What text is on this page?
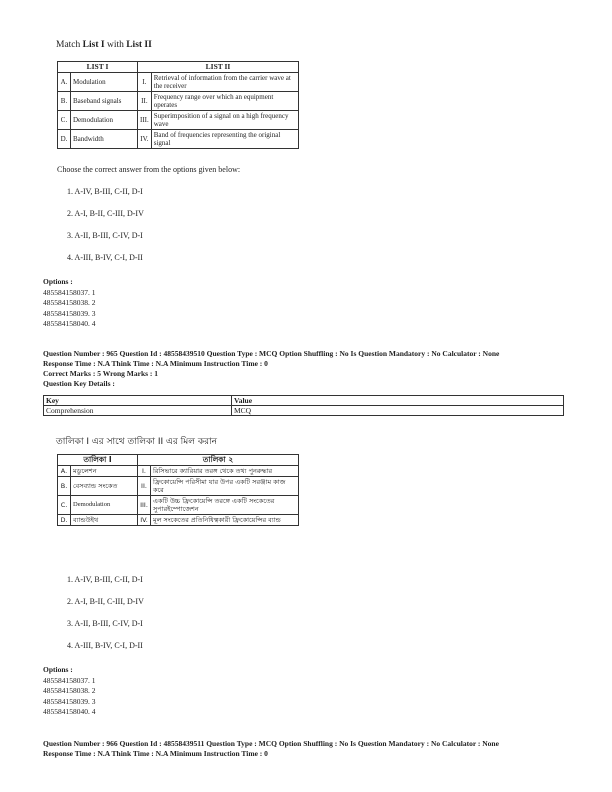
Match List I with List II
LIST I		LIST II	
A.	Modulation	I.	Retrieval of information from the carrier wave at the receiver
B.	Baseband signals	II.	Frequency range over which an equipment operates
C.	Demodulation	III.	Superimposition of a signal on a high frequency wave
D.	Bandwidth	IV.	Band of frequencies representing the original signal
Choose the correct answer from the options given below:
1. A-IV, B-III, C-II, D-I
2. A-I, B-II, C-III, D-IV
3. A-II, B-III, C-IV, D-I
4. A-III, B-IV, C-I, D-II
Options :
485584158037. 1
485584158038. 2
485584158039. 3
485584158040. 4
Question Number : 965 Question Id : 48558439510 Question Type : MCQ Option Shuffling : No Is Question Mandatory : No Calculator : None
Response Time : N.A Think Time : N.A Minimum Instruction Time : 0
Correct Marks : 5 Wrong Marks : 1
Question Key Details :
Key	Value
Comprehension	MCQ
তালিকা I এর সাথে তালিকা II এর মিল করান
তালিকা I		তালিকা ২	
A.	মডুলেশন	I.	রিসিভারে ক্যারিয়ার তরঙ্গ থেকে তথ্য পুনরুদ্ধার
B.	বেসব্যান্ড সংকেত	II.	ফ্রিকোয়েন্সি পরিসীমা যার উপর একটি সরঞ্জাম কাজ করে
C.	Demodulation	III.	একটি উচ্চ ফ্রিকোয়েন্সি তরঙ্গে একটি সংকেতের সুপারইম্পোজেশন
D.	ব্যান্ডউইথ	IV.	মূল সংকেতের প্রতিনিধিত্বকারী ফ্রিকোয়েন্সির ব্যান্ড
1. A-IV, B-III, C-II, D-I
2. A-I, B-II, C-III, D-IV
3. A-II, B-III, C-IV, D-I
4. A-III, B-IV, C-I, D-II
Options :
485584158037. 1
485584158038. 2
485584158039. 3
485584158040. 4
Question Number : 966 Question Id : 48558439511 Question Type : MCQ Option Shuffling : No Is Question Mandatory : No Calculator : None
Response Time : N.A Think Time : N.A Minimum Instruction Time : 0
